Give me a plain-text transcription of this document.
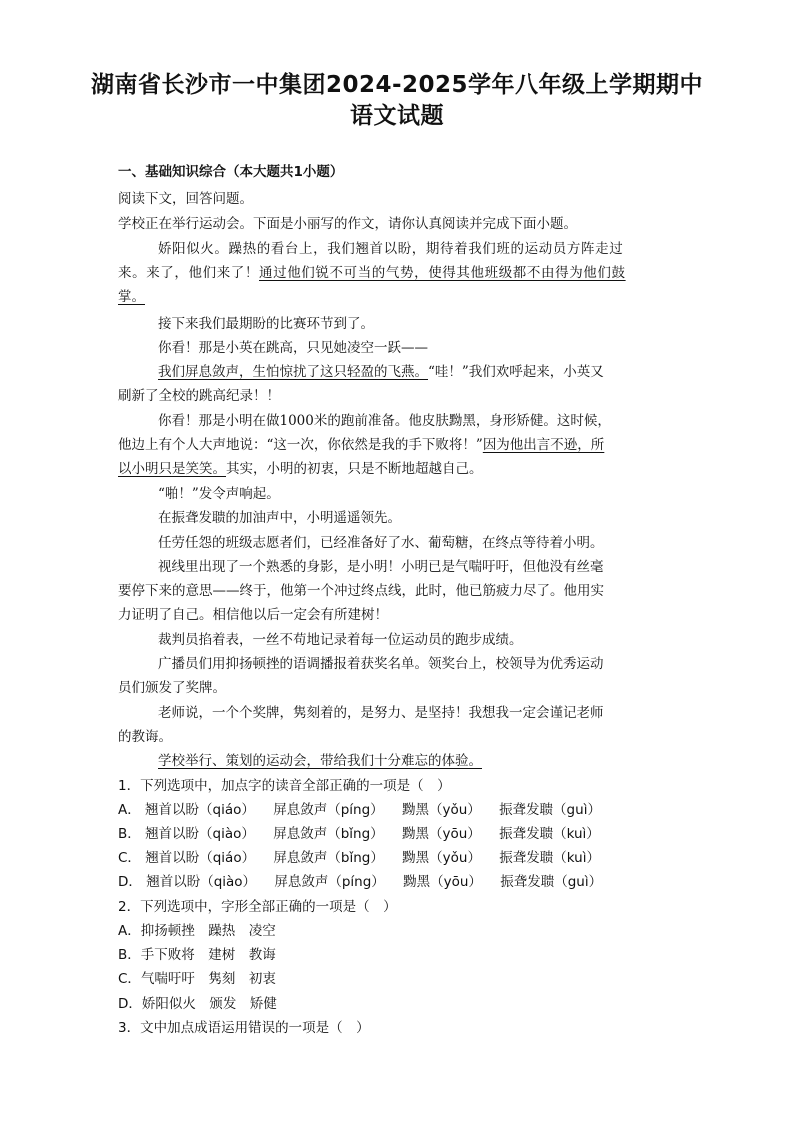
湖南省长沙市一中集团2024-2025学年八年级上学期期中
语文试题
一、基础知识综合（本大题共1小题）
阅读下文，回答问题。
学校正在举行运动会。下面是小丽写的作文，请你认真阅读并完成下面小题。
娇阳似火。躁热的看台上，我们翘首以盼，期待着我们班的运动员方阵走过
来。来了，他们来了！通过他们锐不可当的气势，使得其他班级都不由得为他们鼓
掌。
接下来我们最期盼的比赛环节到了。
你看！那是小英在跳高，只见她凌空一跃——
我们屏息敛声，生怕惊扰了这只轻盈的飞燕。“哇！”我们欢呼起来，小英又
刷新了全校的跳高纪录！！
你看！那是小明在做1000米的跑前准备。他皮肤黝黑，身形矫健。这时候，
他边上有个人大声地说：“这一次，你依然是我的手下败将！”因为他出言不逊，所
以小明只是笑笑。其实，小明的初衷，只是不断地超越自己。
“啪！”发令声响起。
在振聋发聩的加油声中，小明遥遥领先。
任劳任怨的班级志愿者们，已经准备好了水、葡萄糖，在终点等待着小明。
视线里出现了一个熟悉的身影，是小明！小明已是气喘吁吁，但他没有丝毫
要停下来的意思——终于，他第一个冲过终点线，此时，他已筋疲力尽了。他用实
力证明了自己。相信他以后一定会有所建树！
裁判员掐着表，一丝不苟地记录着每一位运动员的跑步成绩。
广播员们用抑扬顿挫的语调播报着获奖名单。领奖台上，校领导为优秀运动
员们颁发了奖牌。
老师说，一个个奖牌，隽刻着的，是努力、是坚持！我想我一定会谨记老师
的教诲。
学校举行、策划的运动会，带给我们十分难忘的体验。
1．下列选项中，加点字的读音全部正确的一项是（　）
A． 翘首以盼（qiáo） 屏息敛声（píng） 黝黑（yǒu） 振聋发聩（guì）
B． 翘首以盼（qiào） 屏息敛声（bǐng） 黝黑（yōu） 振聋发聩（kuì）
C． 翘首以盼（qiáo） 屏息敛声（bǐng） 黝黑（yǒu） 振聋发聩（kuì）
D． 翘首以盼（qiào） 屏息敛声（píng） 黝黑（yōu） 振聋发聩（guì）
2．下列选项中，字形全部正确的一项是（　）
A．抑扬顿挫　躁热　凌空
B．手下败将　建树　教诲
C．气喘吁吁　隽刻　初衷
D．娇阳似火　颁发　矫健
3．文中加点成语运用错误的一项是（　）
